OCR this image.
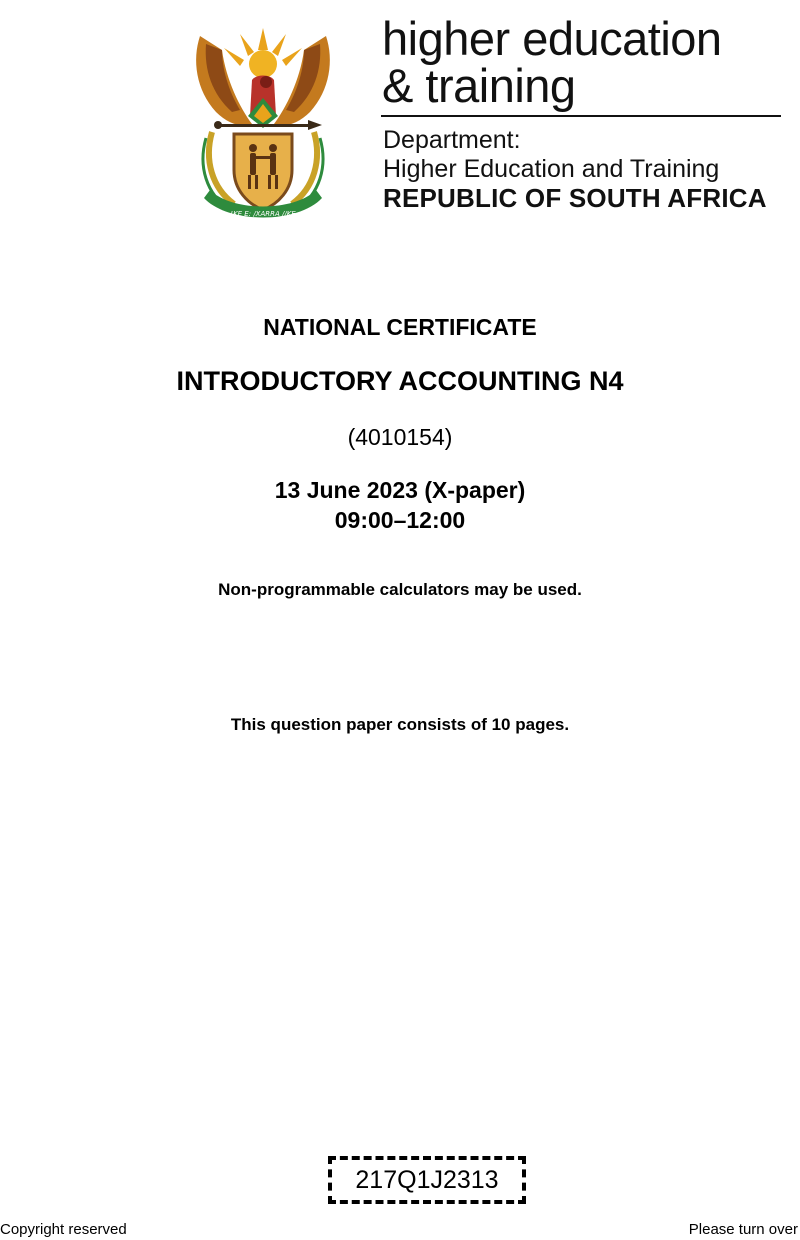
!KE E: /XARRA //KE
higher education
& training
Department:
Higher Education and Training
REPUBLIC OF SOUTH AFRICA
NATIONAL CERTIFICATE
INTRODUCTORY ACCOUNTING N4
(4010154)
13 June 2023 (X-paper)
09:00–12:00
Non-programmable calculators may be used.
This question paper consists of 10 pages.
217Q1J2313
Copyright reserved	Please turn over
